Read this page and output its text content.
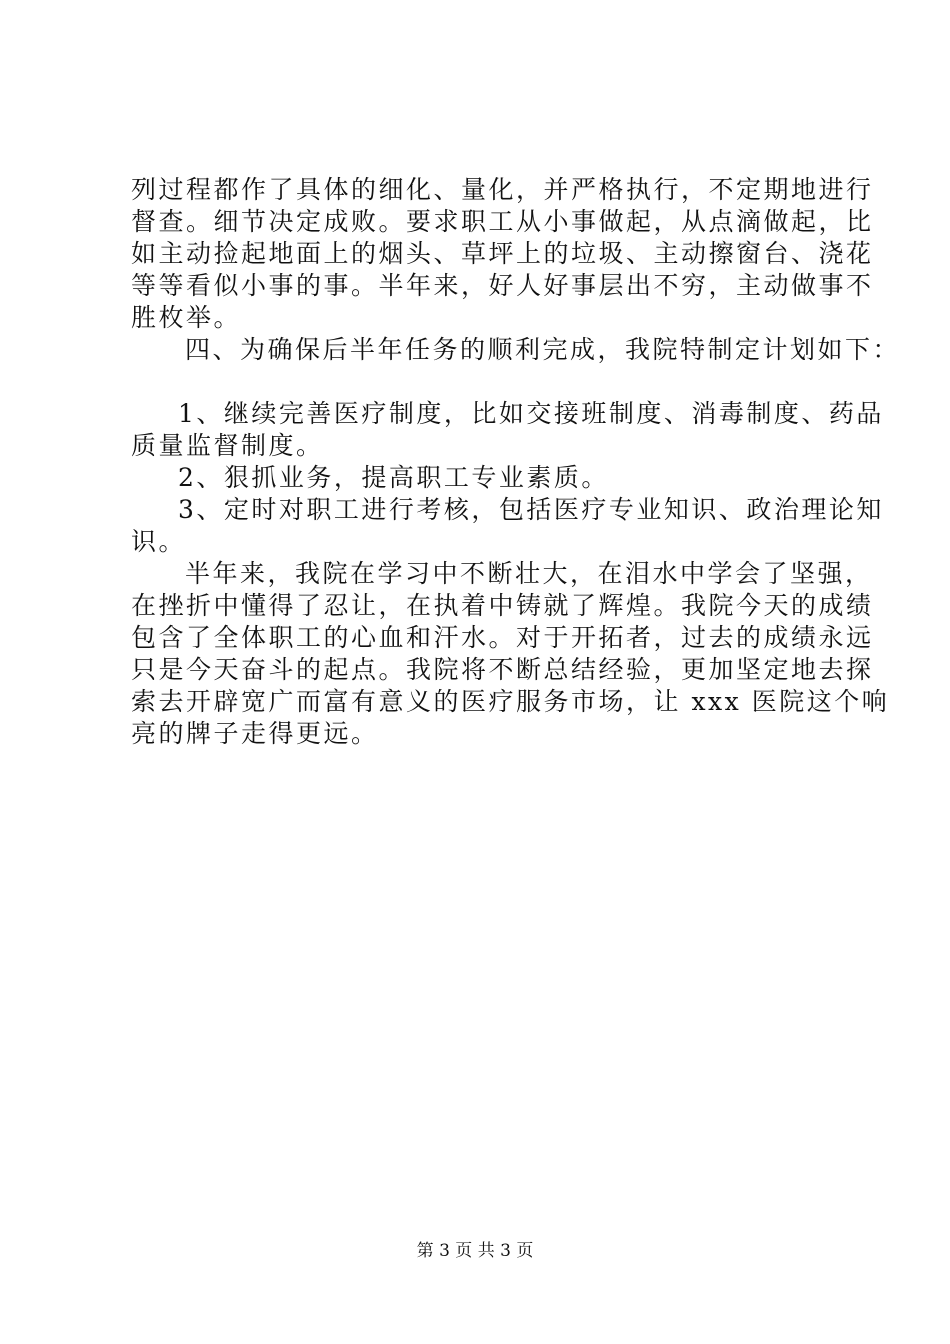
列过程都作了具体的细化、量化，并严格执行，不定期地进行
督查。细节决定成败。要求职工从小事做起，从点滴做起，比
如主动捡起地面上的烟头、草坪上的垃圾、主动擦窗台、浇花
等等看似小事的事。半年来，好人好事层出不穷，主动做事不
胜枚举。
四、为确保后半年任务的顺利完成，我院特制定计划如下：
1、继续完善医疗制度，比如交接班制度、消毒制度、药品
质量监督制度。
2、狠抓业务，提高职工专业素质。
3、定时对职工进行考核，包括医疗专业知识、政治理论知
识。
半年来，我院在学习中不断壮大，在泪水中学会了坚强，
在挫折中懂得了忍让，在执着中铸就了辉煌。我院今天的成绩
包含了全体职工的心血和汗水。对于开拓者，过去的成绩永远
只是今天奋斗的起点。我院将不断总结经验，更加坚定地去探
索去开辟宽广而富有意义的医疗服务市场，让 xxx 医院这个响
亮的牌子走得更远。
第 3 页 共 3 页
